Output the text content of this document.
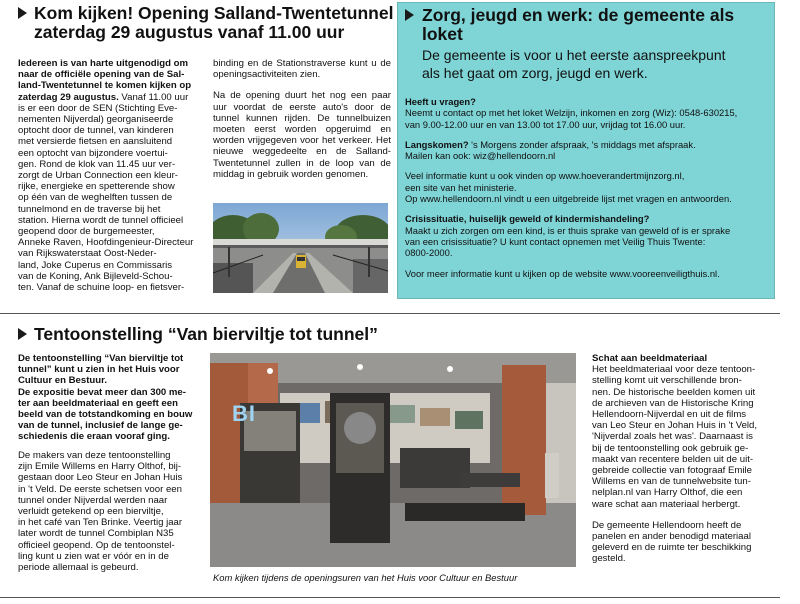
Kom kijken! Opening Salland-Twentetunnel
zaterdag 29 augustus vanaf 11.00 uur
Iedereen is van harte uitgenodigd om
naar de officiële opening van de Sal-
land-Twentetunnel te komen kijken op
zaterdag 29 augustus. Vanaf 11.00 uur
is er een door de SEN (Stichting Eve-
nementen Nijverdal) georganiseerde
optocht door de tunnel, van kinderen
met versierde fietsen en aansluitend
een optocht van bijzondere voertui-
gen. Rond de klok van 11.45 uur ver-
zorgt de Urban Connection een kleur-
rijke, energieke en spetterende show
op één van de weghelften tussen de
tunnelmond en de traverse bij het
station. Hierna wordt de tunnel officieel
geopend door de burgemeester,
Anneke Raven, Hoofdingenieur-Directeur
van Rijkswaterstaat Oost-Neder-
land, Joke Cuperus en Commissaris
van de Koning, Ank Bijleveld-Schou-
ten. Vanaf de schuine loop- en fietsver-

binding en de Stationstraverse kunt u de openingsactiviteiten zien.

Na de opening duurt het nog een paar uur voordat de eerste auto's door de tunnel kunnen rijden. De tunnelbuizen moeten eerst worden opgeruimd en worden vrijgegeven voor het verkeer. Het nieuwe weggedeelte en de Salland-Twentetunnel zullen in de loop van de middag in gebruik worden genomen.

Zorg, jeugd en werk: de gemeente als
loket
De gemeente is voor u het eerste aanspreekpunt
als het gaat om zorg, jeugd en werk.
Heeft u vragen?
Neemt u contact op met het loket Welzijn, inkomen en zorg (Wiz): 0548-630215,
van 9.00-12.00 uur en van 13.00 tot 17.00 uur, vrijdag tot 16.00 uur.
Langskomen? 's Morgens zonder afspraak, 's middags met afspraak.
Mailen kan ook: wiz@hellendoorn.nl
Veel informatie kunt u ook vinden op www.hoeverandertmijnzorg.nl,
een site van het ministerie.
Op www.hellendoorn.nl vindt u een uitgebreide lijst met vragen en antwoorden.
Crisissituatie, huiselijk geweld of kindermishandeling?
Maakt u zich zorgen om een kind, is er thuis sprake van geweld of is er sprake
van een crisissituatie? U kunt contact opnemen met Veilig Thuis Twente:
0800-2000.
Voor meer informatie kunt u kijken op de website www.vooreenveiligthuis.nl.
Tentoonstelling “Van bierviltje tot tunnel”
De tentoonstelling “Van bierviltje tot
tunnel” kunt u zien in het Huis voor
Cultuur en Bestuur.
De expositie bevat meer dan 300 me-
ter aan beeldmateriaal en geeft een
beeld van de totstandkoming en bouw
van de tunnel, inclusief de lange ge-
schiedenis die eraan vooraf ging.
De makers van deze tentoonstelling
zijn Emile Willems en Harry Olthof, bij-
gestaan door Leo Steur en Johan Huis
in 't Veld. De eerste schetsen voor een
tunnel onder Nijverdal werden naar
verluidt getekend op een bierviltje,
in het café van Ten Brinke. Veertig jaar
later wordt de tunnel Combiplan N35
officieel geopend. Op de tentoonstel-
ling kunt u zien wat er vóór en in de
periode allemaal is gebeurd.
BI
Kom kijken tijdens de openingsuren van het Huis voor Cultuur en Bestuur
Schat aan beeldmateriaal
Het beeldmateriaal voor deze tentoon-
stelling komt uit verschillende bron-
nen. De historische beelden komen uit
de archieven van de Historische Kring
Hellendoorn-Nijverdal en uit de films
van Leo Steur en Johan Huis in 't Veld,
'Nijverdal zoals het was'. Daarnaast is
bij de tentoonstelling ook gebruik ge-
maakt van recentere belden uit de uit-
gebreide collectie van fotograaf Emile
Willems en van de tunnelwebsite tun-
nelplan.nl van Harry Olthof, die een
ware schat aan materiaal herbergt.
De gemeente Hellendoorn heeft de
panelen en ander benodigd materiaal
geleverd en de ruimte ter beschikking
gesteld.
